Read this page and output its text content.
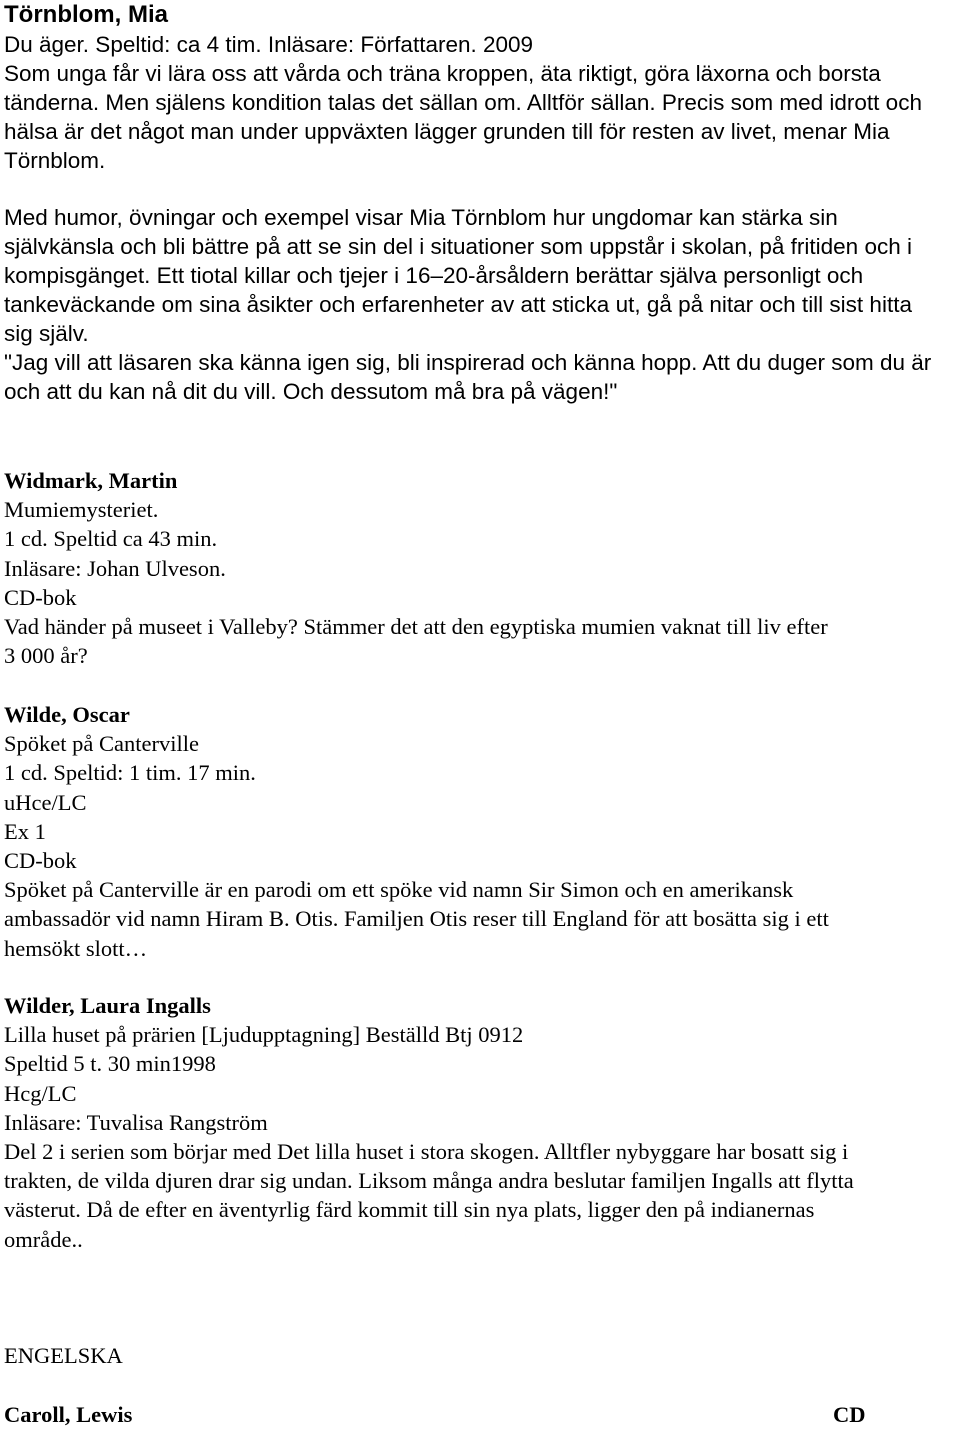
Törnblom, Mia
Du äger. Speltid: ca 4 tim. Inläsare: Författaren. 2009
Som unga får vi lära oss att vårda och träna kroppen, äta riktigt, göra läxorna och borsta
tänderna. Men själens kondition talas det sällan om. Alltför sällan. Precis som med idrott och
hälsa är det något man under uppväxten lägger grunden till för resten av livet, menar Mia
Törnblom.
Med humor, övningar och exempel visar Mia Törnblom hur ungdomar kan stärka sin
självkänsla och bli bättre på att se sin del i situationer som uppstår i skolan, på fritiden och i
kompisgänget. Ett tiotal killar och tjejer i 16–20-årsåldern berättar själva personligt och
tankeväckande om sina åsikter och erfarenheter av att sticka ut, gå på nitar och till sist hitta
sig själv.
"Jag vill att läsaren ska känna igen sig, bli inspirerad och känna hopp. Att du duger som du är
och att du kan nå dit du vill. Och dessutom må bra på vägen!"
Widmark, Martin
Mumiemysteriet.
1 cd. Speltid ca 43 min.
Inläsare: Johan Ulveson.
CD-bok
Vad händer på museet i Valleby? Stämmer det att den egyptiska mumien vaknat till liv efter
3 000 år?
Wilde, Oscar
Spöket på Canterville
1 cd. Speltid: 1 tim. 17 min.
uHce/LC
Ex 1
CD-bok
Spöket på Canterville är en parodi om ett spöke vid namn Sir Simon och en amerikansk
ambassadör vid namn Hiram B. Otis. Familjen Otis reser till England för att bosätta sig i ett
hemsökt slott…
Wilder, Laura Ingalls
Lilla huset på prärien [Ljudupptagning] Beställd Btj 0912
Speltid 5 t. 30 min1998
Hcg/LC
Inläsare: Tuvalisa Rangström
Del 2 i serien som börjar med Det lilla huset i stora skogen. Alltfler nybyggare har bosatt sig i
trakten, de vilda djuren drar sig undan. Liksom många andra beslutar familjen Ingalls att flytta
västerut. Då de efter en äventyrlig färd kommit till sin nya plats, ligger den på indianernas
område..
ENGELSKA
Caroll, Lewis	CD
